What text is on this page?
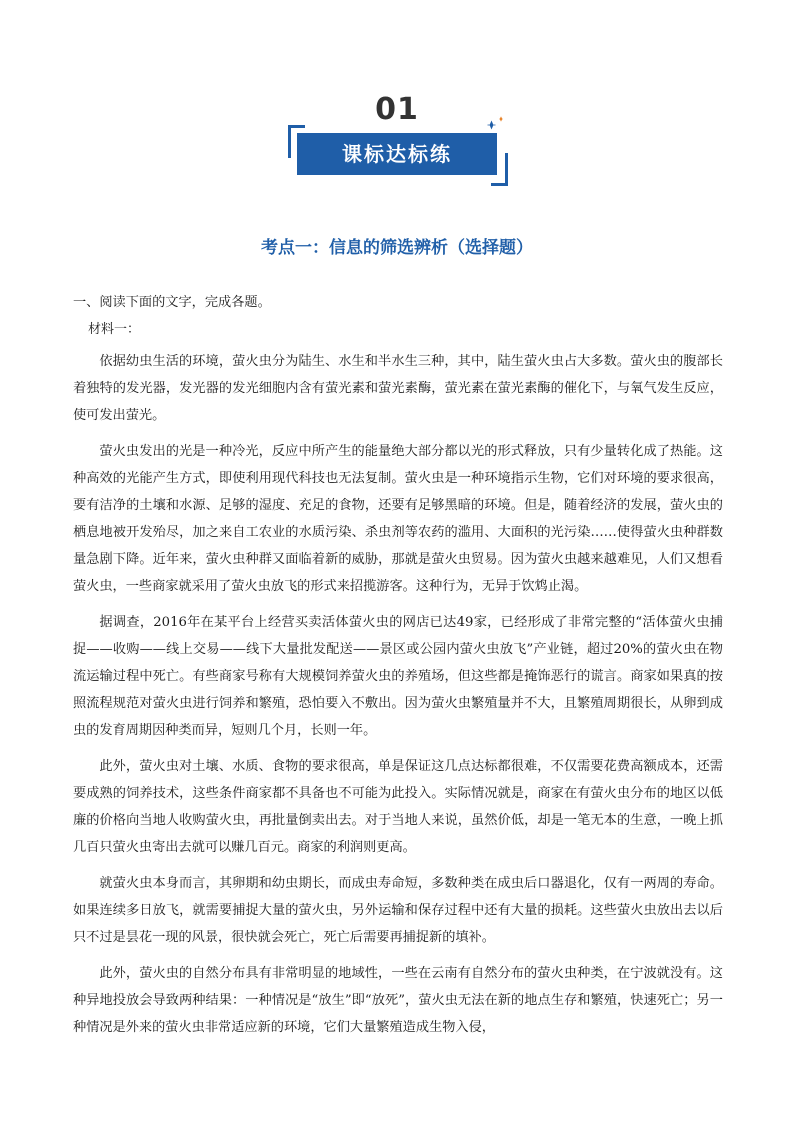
01
课标达标练
考点一：信息的筛选辨析（选择题）
一、阅读下面的文字，完成各题。
材料一：

依据幼虫生活的环境，萤火虫分为陆生、水生和半水生三种，其中，陆生萤火虫占大多数。萤火虫的腹部长着独特的发光器，发光器的发光细胞内含有萤光素和萤光素酶，萤光素在萤光素酶的催化下，与氧气发生反应，使可发出萤光。

萤火虫发出的光是一种冷光，反应中所产生的能量绝大部分都以光的形式释放，只有少量转化成了热能。这种高效的光能产生方式，即使利用现代科技也无法复制。萤火虫是一种环境指示生物，它们对环境的要求很高，要有洁净的土壤和水源、足够的湿度、充足的食物，还要有足够黑暗的环境。但是，随着经济的发展，萤火虫的栖息地被开发殆尽，加之来自工农业的水质污染、杀虫剂等农药的滥用、大面积的光污染……使得萤火虫种群数量急剧下降。近年来，萤火虫种群又面临着新的威胁，那就是萤火虫贸易。因为萤火虫越来越难见，人们又想看萤火虫，一些商家就采用了萤火虫放飞的形式来招揽游客。这种行为，无异于饮鸩止渴。

据调查，2016年在某平台上经营买卖活体萤火虫的网店已达49家，已经形成了非常完整的“活体萤火虫捕捉——收购——线上交易——线下大量批发配送——景区或公园内萤火虫放飞”产业链，超过20%的萤火虫在物流运输过程中死亡。有些商家号称有大规模饲养萤火虫的养殖场，但这些都是掩饰恶行的谎言。商家如果真的按照流程规范对萤火虫进行饲养和繁殖，恐怕要入不敷出。因为萤火虫繁殖量并不大，且繁殖周期很长，从卵到成虫的发育周期因种类而异，短则几个月，长则一年。

此外，萤火虫对土壤、水质、食物的要求很高，单是保证这几点达标都很难，不仅需要花费高额成本，还需要成熟的饲养技术，这些条件商家都不具备也不可能为此投入。实际情况就是，商家在有萤火虫分布的地区以低廉的价格向当地人收购萤火虫，再批量倒卖出去。对于当地人来说，虽然价低，却是一笔无本的生意，一晚上抓几百只萤火虫寄出去就可以赚几百元。商家的利润则更高。

就萤火虫本身而言，其卵期和幼虫期长，而成虫寿命短，多数种类在成虫后口器退化，仅有一两周的寿命。如果连续多日放飞，就需要捕捉大量的萤火虫，另外运输和保存过程中还有大量的损耗。这些萤火虫放出去以后只不过是昙花一现的风景，很快就会死亡，死亡后需要再捕捉新的填补。

此外，萤火虫的自然分布具有非常明显的地域性，一些在云南有自然分布的萤火虫种类，在宁波就没有。这种异地投放会导致两种结果：一种情况是“放生”即“放死”，萤火虫无法在新的地点生存和繁殖，快速死亡；另一种情况是外来的萤火虫非常适应新的环境，它们大量繁殖造成生物入侵，
